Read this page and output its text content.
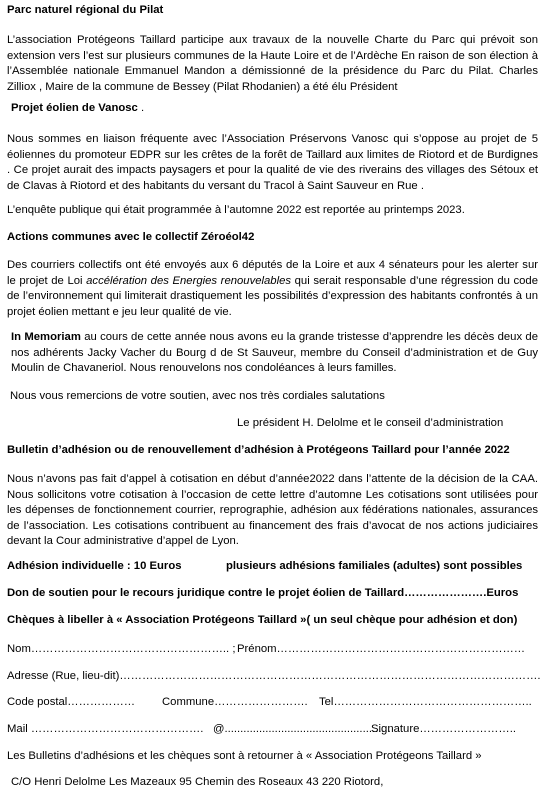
Parc naturel régional du Pilat
L’association Protégeons Taillard participe aux travaux de la nouvelle Charte du Parc qui prévoit son extension vers l’est sur plusieurs communes de la Haute Loire et de l’Ardèche En raison de son élection à l’Assemblée nationale Emmanuel Mandon a démissionné de la présidence du Parc du Pilat. Charles Zilliox , Maire de la commune de Bessey (Pilat Rhodanien) a été élu Président
Projet éolien de Vanosc .
Nous sommes en liaison fréquente avec l’Association Préservons Vanosc qui s’oppose au projet de 5 éoliennes du promoteur EDPR sur les crêtes de la forêt de Taillard aux limites de Riotord et de Burdignes . Ce projet aurait des impacts paysagers et pour la qualité de vie des riverains des villages des Sétoux et de Clavas à Riotord et des habitants du versant du Tracol à Saint Sauveur en Rue .
L’enquête publique qui était programmée à l’automne 2022 est reportée au printemps 2023.
Actions communes avec le collectif Zéroéol42
Des courriers collectifs ont été envoyés aux 6 députés de la Loire et aux 4 sénateurs pour les alerter sur le projet de Loi accélération des Energies renouvelables qui serait responsable d’une régression du code de l’environnement qui limiterait drastiquement les possibilités d’expression des habitants confrontés à un projet éolien mettant e jeu leur qualité de vie.
In Memoriam au cours de cette année nous avons eu la grande tristesse d’apprendre les décès deux de nos adhérents Jacky Vacher du Bourg d de St Sauveur, membre du Conseil d’administration et de Guy Moulin de Chavaneriol. Nous renouvelons nos condoléances à leurs familles.
Nous vous remercions de votre soutien, avec nos très cordiales salutations
Le président H. Delolme et le conseil d’administration
Bulletin d’adhésion ou de renouvellement d’adhésion à Protégeons Taillard pour l’année 2022
Nous n’avons pas fait d’appel à cotisation en début d’année2022 dans l’attente de la décision de la CAA. Nous sollicitons votre cotisation à l’occasion de cette lettre d’automne Les cotisations sont utilisées pour les dépenses de fonctionnement courrier, reprographie, adhésion aux fédérations nationales, assurances de l’association. Les cotisations contribuent au financement des frais d’avocat de nos actions judiciaires devant la Cour administrative d’appel de Lyon.
Adhésion individuelle : 10 Euros	plusieurs adhésions familiales (adultes) sont possibles
Don de soutien pour le recours juridique contre le projet éolien de Taillard………………….Euros
Chèques à libeller à « Association Protégeons Taillard »( un seul chèque pour adhésion et don)
Nom…………………………………………….. ; Prénom…………………………………………………………
Adresse (Rue, lieu-dit)………………………………………………………………………………………………….
Code postal……………… Commune……………………. Tel……………………………………………..
Mail ………………………………………. @.....................................................
Signature……………………..
Les Bulletins d’adhésions et les chèques sont à retourner à « Association Protégeons Taillard »
C/O Henri Delolme Les Mazeaux 95 Chemin des Roseaux 43 220 Riotord,
